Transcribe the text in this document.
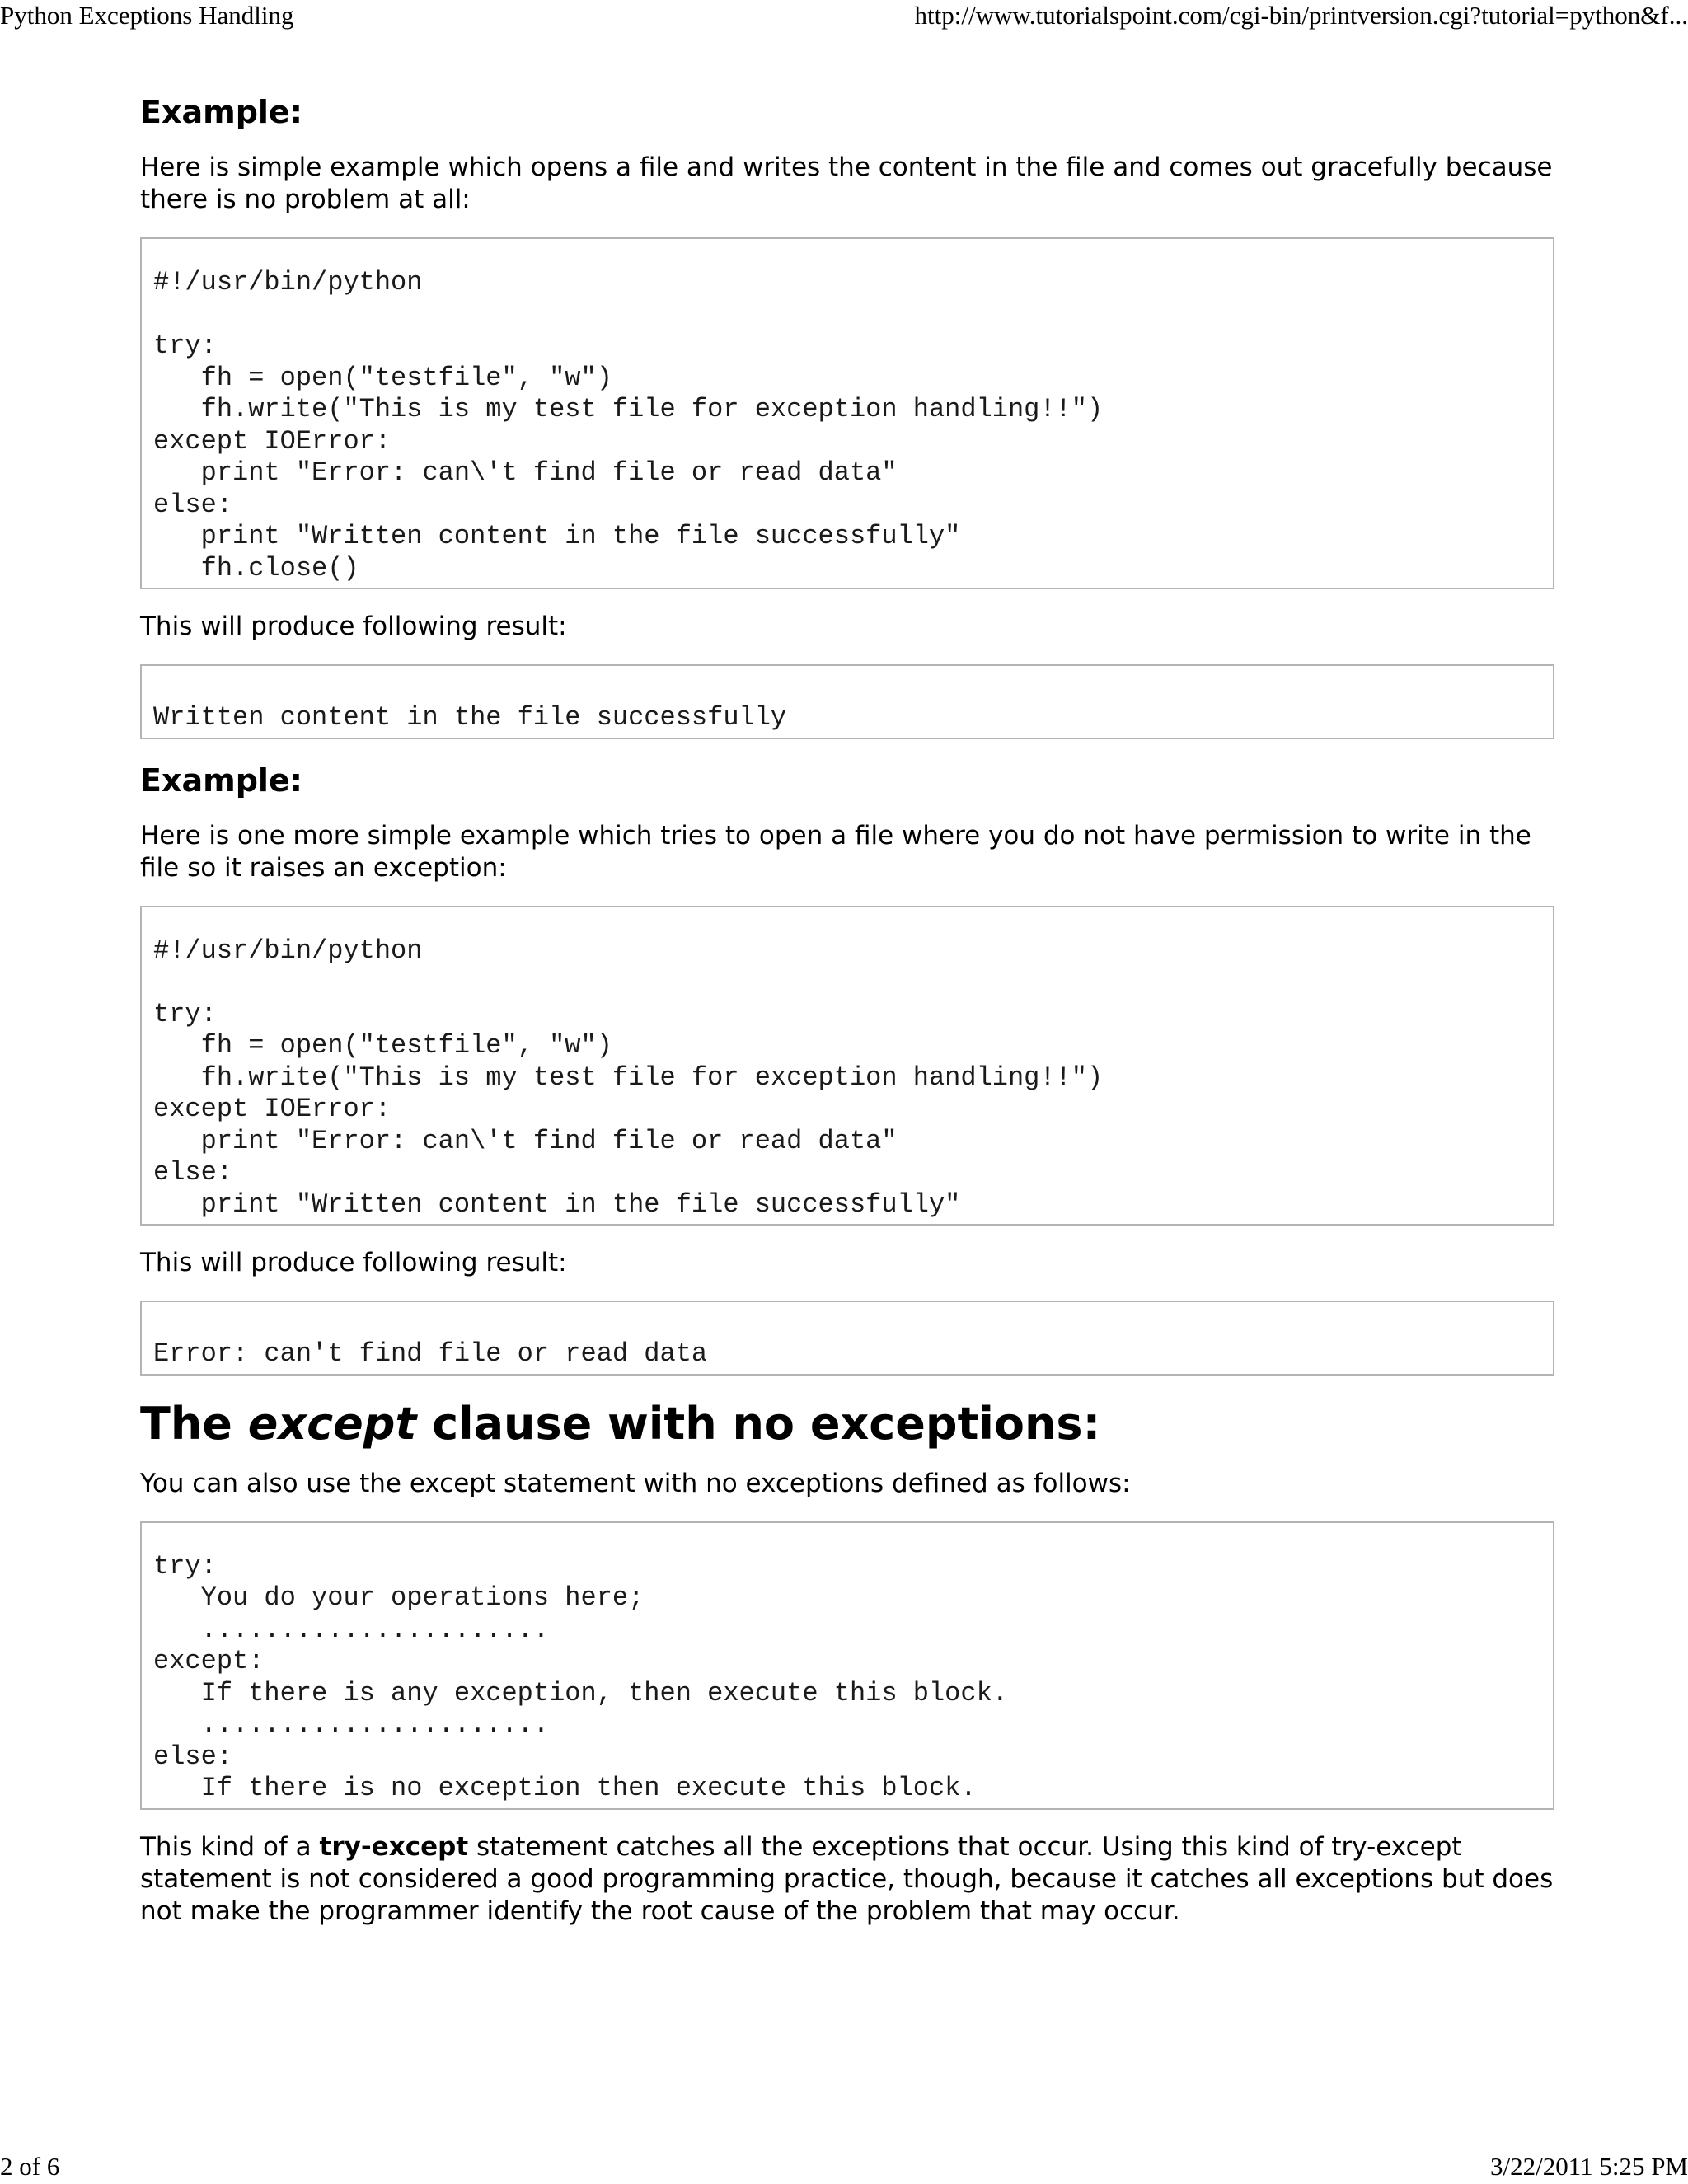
Python Exceptions Handling	http://www.tutorialspoint.com/cgi-bin/printversion.cgi?tutorial=python&f...
Example:

Here is simple example which opens a file and writes the content in the file and comes out gracefully because there is no problem at all:

#!/usr/bin/python

try:
fh = open("testfile", "w")
fh.write("This is my test file for exception handling!!")
except IOError:
print "Error: can\'t find file or read data"
else:
print "Written content in the file successfully"
fh.close()

This will produce following result:

Written content in the file successfully
Example:

Here is one more simple example which tries to open a file where you do not have permission to write in the file so it raises an exception:

#!/usr/bin/python

try:
fh = open("testfile", "w")
fh.write("This is my test file for exception handling!!")
except IOError:
print "Error: can\'t find file or read data"
else:
print "Written content in the file successfully"

This will produce following result:

Error: can't find file or read data
The except clause with no exceptions:

You can also use the except statement with no exceptions defined as follows:

try:
You do your operations here;
......................
except:
If there is any exception, then execute this block.
......................
else:
If there is no exception then execute this block.

This kind of a try-except statement catches all the exceptions that occur. Using this kind of try-except statement is not considered a good programming practice, though, because it catches all exceptions but does not make the programmer identify the root cause of the problem that may occur.

2 of 6	3/22/2011 5:25 PM
